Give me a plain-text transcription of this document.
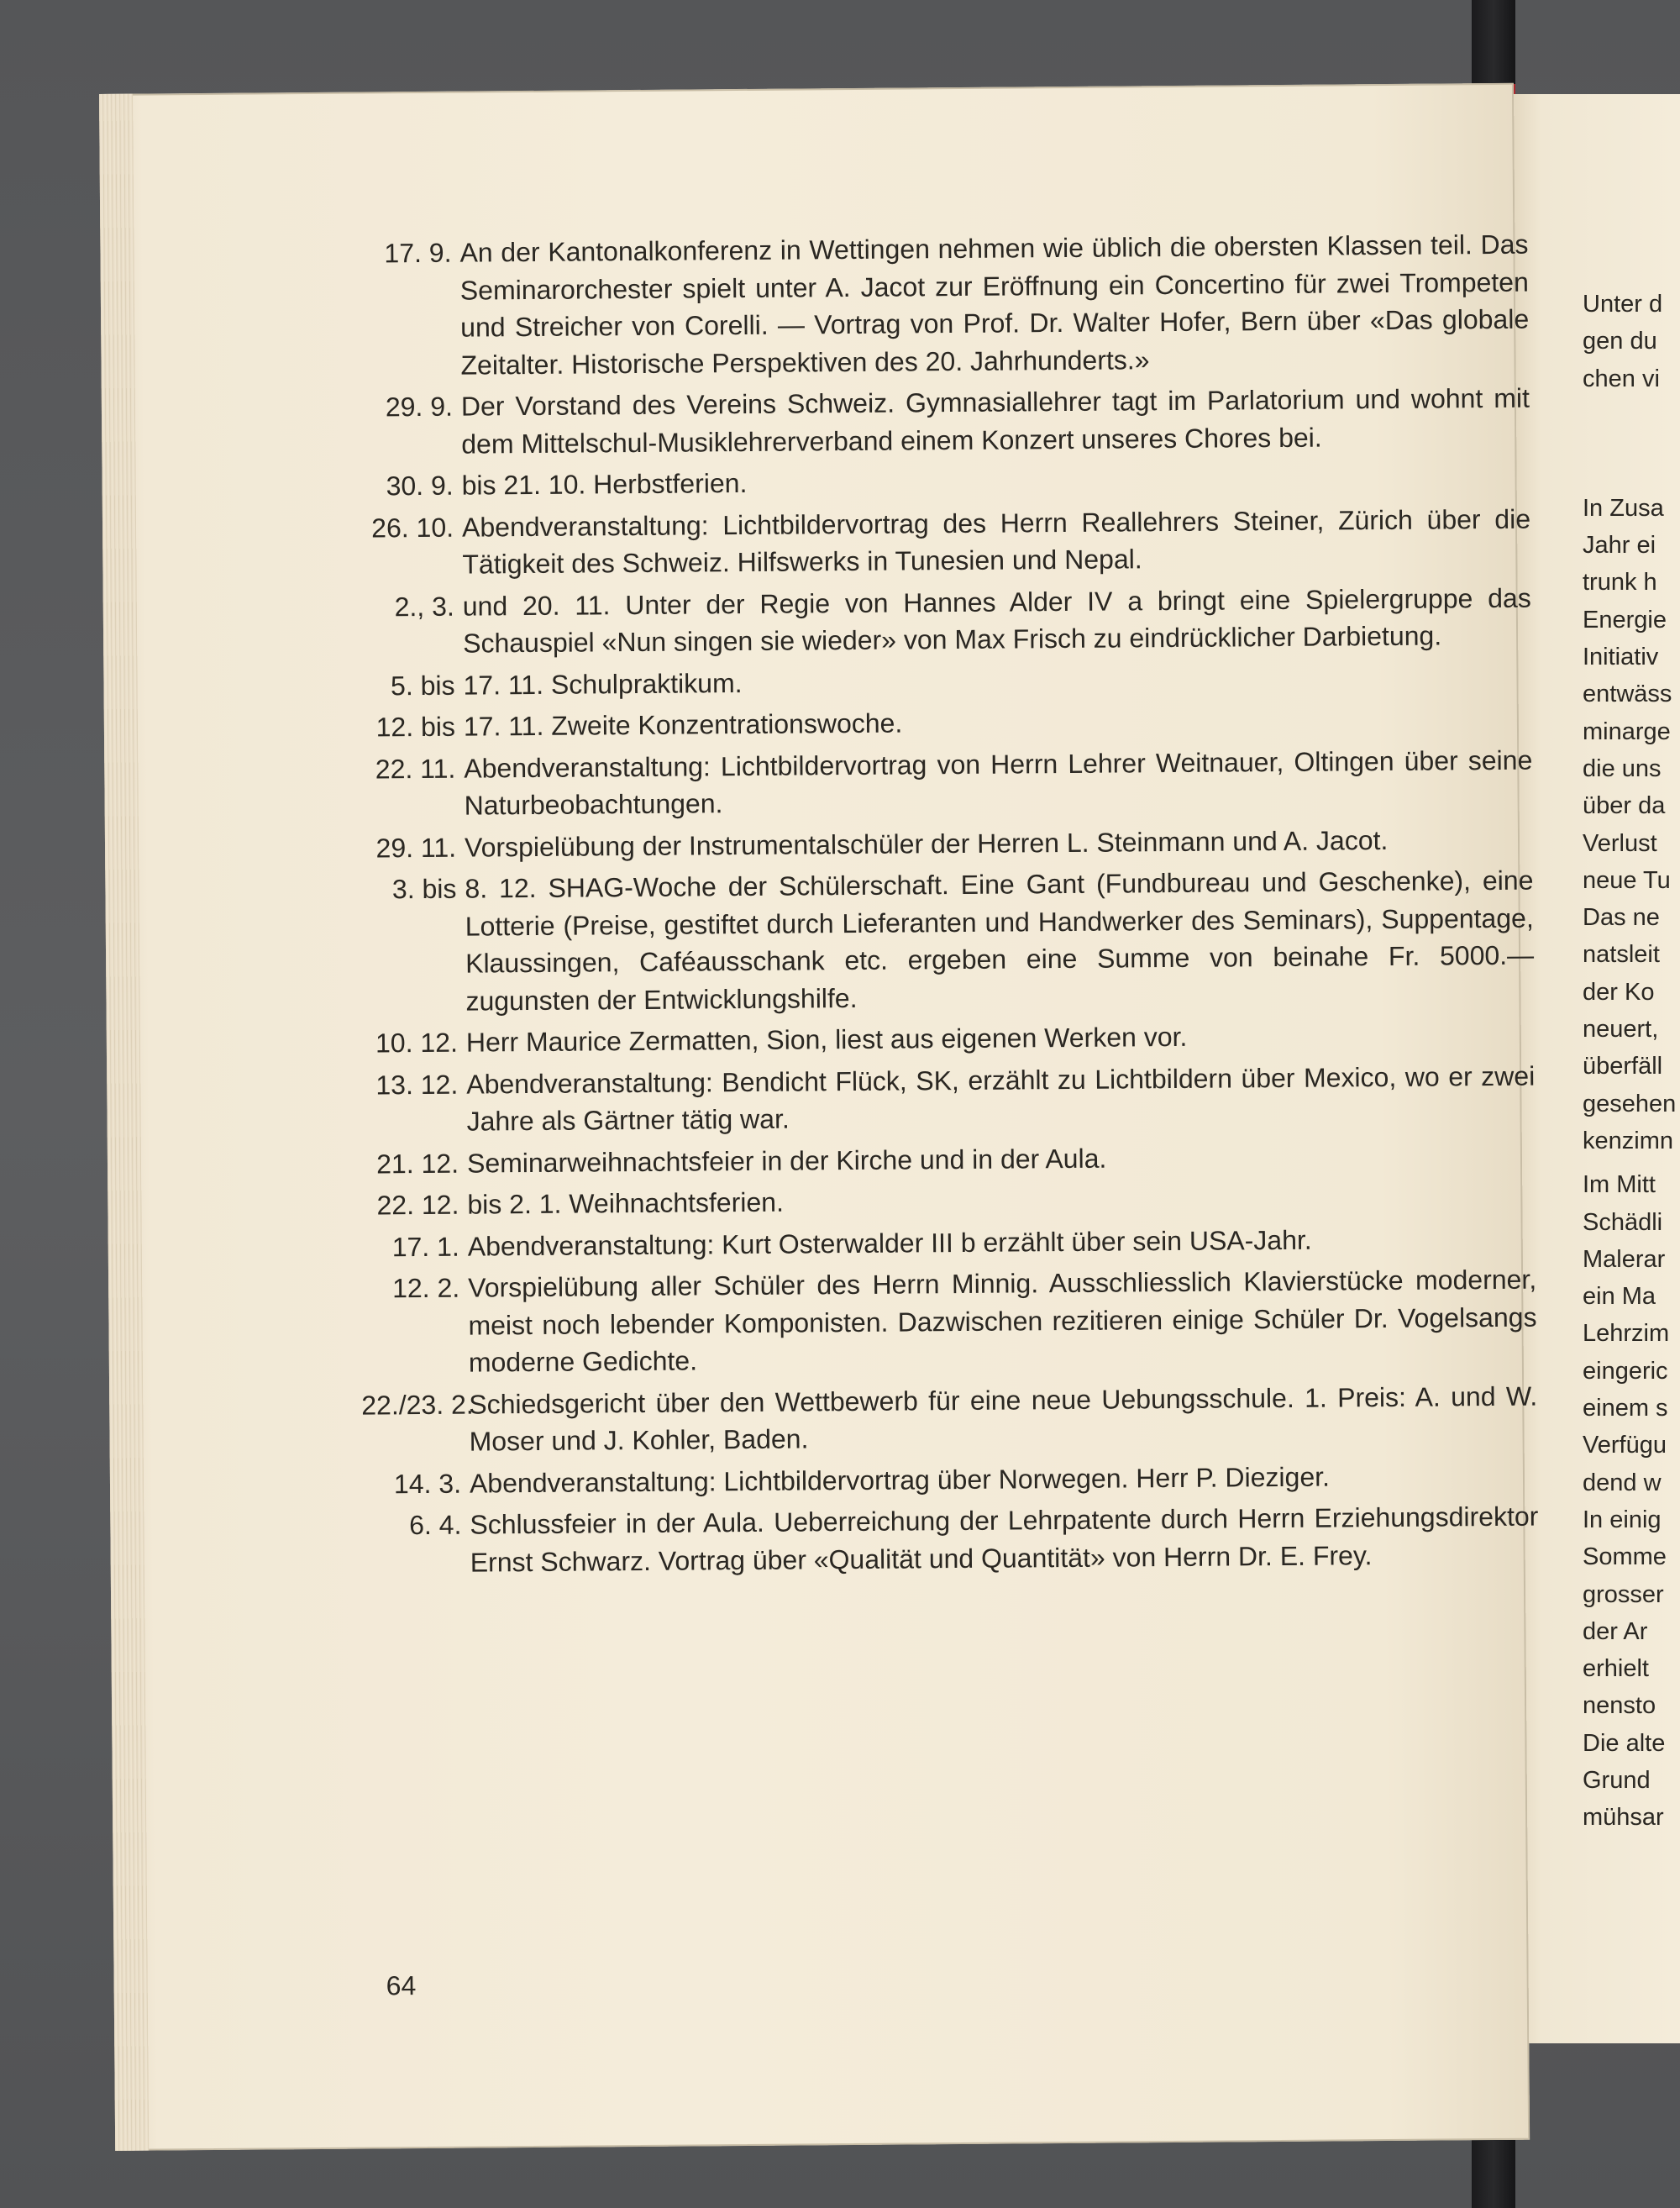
Unter d
gen du
chen vi
In Zusa
Jahr ei
trunk h
Energie
Initiativ
entwäss
minarge
die uns
über da
Verlust
neue Tu
Das ne
natsleit
der Ko
neuert,
überfäll
gesehen
kenzimn
Im Mitt
Schädli
Malerar
ein Ma
Lehrzim
eingeric
einem s
Verfügu
dend w
In einig
Somme
grosser
der Ar
erhielt
nensto
Die alte
Grund
mühsar
17. 9. An der Kantonalkonferenz in Wettingen nehmen wie üblich die obersten Klassen teil. Das Seminarorchester spielt unter A. Jacot zur Eröffnung ein Concertino für zwei Trompeten und Streicher von Corelli. — Vortrag von Prof. Dr. Walter Hofer, Bern über «Das globale Zeitalter. Historische Perspektiven des 20. Jahrhunderts.»
29. 9. Der Vorstand des Vereins Schweiz. Gymnasiallehrer tagt im Parlatorium und wohnt mit dem Mittelschul-Musiklehrerverband einem Konzert unseres Chores bei.
30. 9. bis 21. 10. Herbstferien.
26. 10. Abendveranstaltung: Lichtbildervortrag des Herrn Reallehrers Steiner, Zürich über die Tätigkeit des Schweiz. Hilfswerks in Tunesien und Nepal.
2., 3. und 20. 11. Unter der Regie von Hannes Alder IV a bringt eine Spielergruppe das Schauspiel «Nun singen sie wieder» von Max Frisch zu eindrücklicher Darbietung.
5. bis 17. 11. Schulpraktikum.
12. bis 17. 11. Zweite Konzentrationswoche.
22. 11. Abendveranstaltung: Lichtbildervortrag von Herrn Lehrer Weitnauer, Oltingen über seine Naturbeobachtungen.
29. 11. Vorspielübung der Instrumentalschüler der Herren L. Steinmann und A. Jacot.
3. bis 8. 12. SHAG-Woche der Schülerschaft. Eine Gant (Fundbureau und Geschenke), eine Lotterie (Preise, gestiftet durch Lieferanten und Handwerker des Seminars), Suppentage, Klaussingen, Caféausschank etc. ergeben eine Summe von beinahe Fr. 5000.— zugunsten der Entwicklungshilfe.
10. 12. Herr Maurice Zermatten, Sion, liest aus eigenen Werken vor.
13. 12. Abendveranstaltung: Bendicht Flück, SK, erzählt zu Lichtbildern über Mexico, wo er zwei Jahre als Gärtner tätig war.
21. 12. Seminarweihnachtsfeier in der Kirche und in der Aula.
22. 12. bis 2. 1. Weihnachtsferien.
17. 1. Abendveranstaltung: Kurt Osterwalder III b erzählt über sein USA-Jahr.
12. 2. Vorspielübung aller Schüler des Herrn Minnig. Ausschliesslich Klavierstücke moderner, meist noch lebender Komponisten. Dazwischen rezitieren einige Schüler Dr. Vogelsangs moderne Gedichte.
22./23. 2.
Schiedsgericht über den Wettbewerb für eine neue Uebungsschule. 1. Preis: A. und W. Moser und J. Kohler, Baden.
14. 3. Abendveranstaltung: Lichtbildervortrag über Norwegen. Herr P. Dieziger.
6. 4. Schlussfeier in der Aula. Ueberreichung der Lehrpatente durch Herrn Erziehungsdirektor Ernst Schwarz. Vortrag über «Qualität und Quantität» von Herrn Dr. E. Frey.
64
